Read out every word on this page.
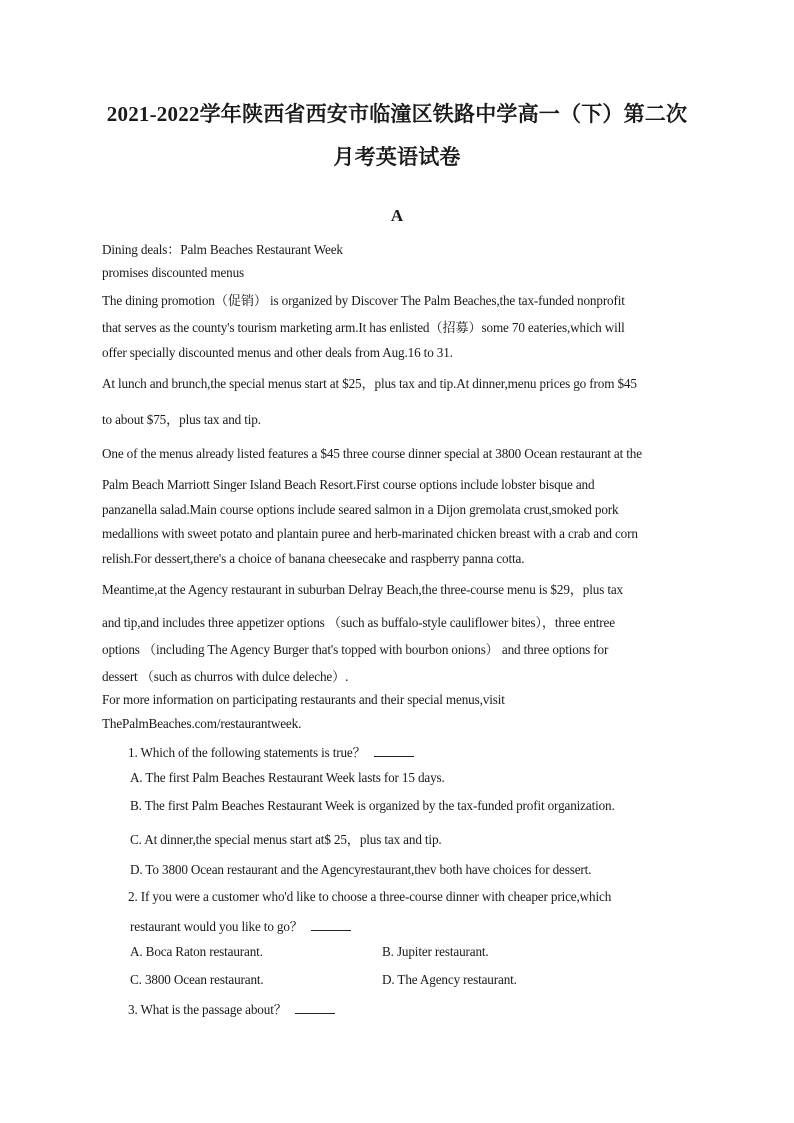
2021-2022学年陕西省西安市临潼区铁路中学高一（下）第二次
月考英语试卷
A
Dining deals：Palm Beaches Restaurant Week
promises discounted menus
The dining promotion（促销） is organized by Discover The Palm Beaches,the tax-funded nonprofit
that serves as the county's tourism marketing arm.It has enlisted（招募）some 70 eateries,which will
offer specially discounted menus and other deals from Aug.16 to 31.
At lunch and brunch,the special menus start at $25，plus tax and tip.At dinner,menu prices go from $45
to about $75，plus tax and tip.
One of the menus already listed features a $45 three course dinner special at 3800 Ocean restaurant at the
Palm Beach Marriott Singer Island Beach Resort.First course options include lobster bisque and
panzanella salad.Main course options include seared salmon in a Dijon gremolata crust,smoked pork
medallions with sweet potato and plantain puree and herb-marinated chicken breast with a crab and corn
relish.For dessert,there's a choice of banana cheesecake and raspberry panna cotta.
Meantime,at the Agency restaurant in suburban Delray Beach,the three-course menu is $29，plus tax
and tip,and includes three appetizer options （such as buffalo-style cauliflower bites），three entree
options （including The Agency Burger that's topped with bourbon onions） and three options for
dessert （such as churros with dulce deleche）.
For more information on participating restaurants and their special menus,visit
ThePalmBeaches.com/restaurantweek.
1. Which of the following statements is true？
A. The first Palm Beaches Restaurant Week lasts for 15 days.
B. The first Palm Beaches Restaurant Week is organized by the tax-funded profit organization.
C. At dinner,the special menus start at$ 25，plus tax and tip.
D. To 3800 Ocean restaurant and the Agencyrestaurant,thev both have choices for dessert.
2. If you were a customer who'd like to choose a three-course dinner with cheaper price,which
restaurant would you like to go？
A. Boca Raton restaurant.	B. Jupiter restaurant.
C. 3800 Ocean restaurant.	D. The Agency restaurant.
3. What is the passage about？
